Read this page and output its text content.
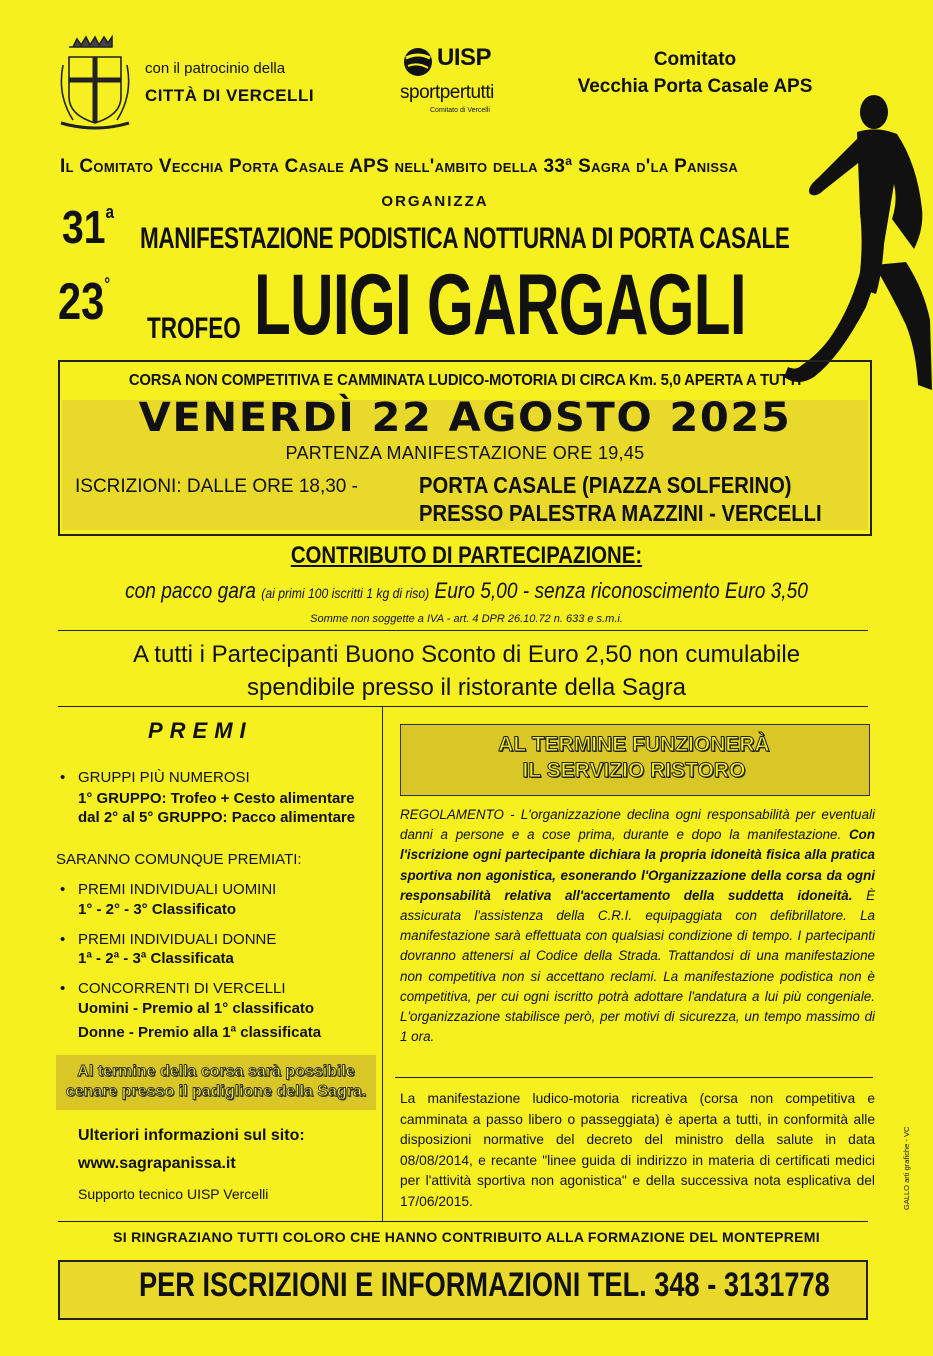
con il patrocinio della
CITTÀ DI VERCELLI
UISP
sportpertutti
Comitato di Vercelli
Comitato
Vecchia Porta Casale APS
Il Comitato Vecchia Porta Casale APS nell'ambito della 33ª Sagra d'la Panissa
ORGANIZZA
31$^a$
MANIFESTAZIONE PODISTICA NOTTURNA DI PORTA CASALE
23°
TROFEO LUIGI GARGAGLI
CORSA NON COMPETITIVA E CAMMINATA LUDICO-MOTORIA DI CIRCA Km. 5,0 APERTA A TUTTI
VENERDÌ 22 AGOSTO 2025
PARTENZA MANIFESTAZIONE ORE 19,45
ISCRIZIONI: DALLE ORE 18,30 -	PORTA CASALE (PIAZZA SOLFERINO)
PRESSO PALESTRA MAZZINI - VERCELLI
CONTRIBUTO DI PARTECIPAZIONE:
con pacco gara (ai primi 100 iscritti 1 kg di riso) Euro 5,00 - senza riconoscimento Euro 3,50
Somme non soggette a IVA - art. 4 DPR 26.10.72 n. 633 e s.m.i.
A tutti i Partecipanti Buono Sconto di Euro 2,50 non cumulabile
spendibile presso il ristorante della Sagra
PREMI
• GRUPPI PIÙ NUMEROSI
1° GRUPPO: Trofeo + Cesto alimentare
dal 2° al 5° GRUPPO: Pacco alimentare
SARANNO COMUNQUE PREMIATI:
• PREMI INDIVIDUALI UOMINI
1° - 2° - 3° Classificato
• PREMI INDIVIDUALI DONNE
1ª - 2ª - 3ª Classificata
• CONCORRENTI DI VERCELLI
Uomini - Premio al 1° classificato
Donne - Premio alla 1ª classificata
Al termine della corsa sarà possibile
cenare presso il padiglione della Sagra.
Ulteriori informazioni sul sito:
www.sagrapanissa.it
Supporto tecnico UISP Vercelli
AL TERMINE FUNZIONERÀ
IL SERVIZIO RISTORO
REGOLAMENTO - L'organizzazione declina ogni responsabilità per eventuali danni a persone e a cose prima, durante e dopo la manifestazione. Con l'iscrizione ogni partecipante dichiara la propria idoneità fisica alla pratica sportiva non agonistica, esonerando l'Organizzazione della corsa da ogni responsabilità relativa all'accertamento della suddetta idoneità. È assicurata l'assistenza della C.R.I. equipaggiata con defibrillatore. La manifestazione sarà effettuata con qualsiasi condizione di tempo. I partecipanti dovranno attenersi al Codice della Strada. Trattandosi di una manifestazione non competitiva non si accettano reclami. La manifestazione podistica non è competitiva, per cui ogni iscritto potrà adottare l'andatura a lui più congeniale. L'organizzazione stabilisce però, per motivi di sicurezza, un tempo massimo di 1 ora.
La manifestazione ludico-motoria ricreativa (corsa non competitiva e camminata a passo libero o passeggiata) è aperta a tutti, in conformità alle disposizioni normative del decreto del ministro della salute in data 08/08/2014, e recante "linee guida di indirizzo in materia di certificati medici per l'attività sportiva non agonistica" e della successiva nota esplicativa del 17/06/2015.	GALLO arti grafiche - VC
SI RINGRAZIANO TUTTI COLORO CHE HANNO CONTRIBUITO ALLA FORMAZIONE DEL MONTEPREMI
PER ISCRIZIONI E INFORMAZIONI TEL. 348 - 3131778
